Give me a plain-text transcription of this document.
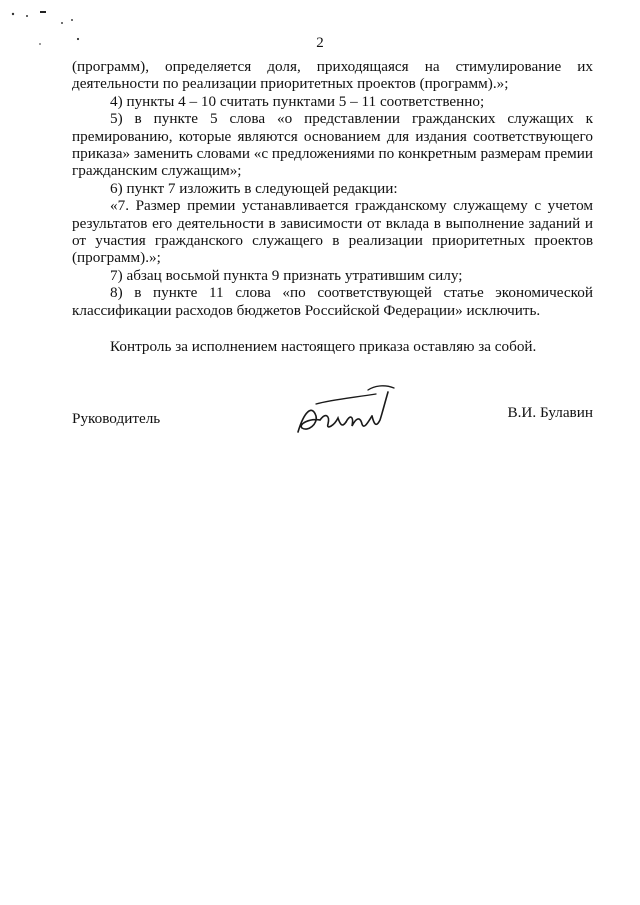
2

(программ), определяется доля, приходящаяся на стимулирование их деятельности по реализации приоритетных проектов (программ).»;

4) пункты 4 – 10 считать пунктами 5 – 11 соответственно;

5) в пункте 5 слова «о представлении гражданских служащих к премированию, которые являются основанием для издания соответствующего приказа» заменить словами «с предложениями по конкретным размерам премии гражданским служащим»;

6) пункт 7 изложить в следующей редакции:

«7. Размер премии устанавливается гражданскому служащему с учетом результатов его деятельности в зависимости от вклада в выполнение заданий и от участия гражданского служащего в реализации приоритетных проектов (программ).»;

7) абзац восьмой пункта 9 признать утратившим силу;

8) в пункте 11 слова «по соответствующей статье экономической классификации расходов бюджетов Российской Федерации» исключить.

Контроль за исполнением настоящего приказа оставляю за собой.
Руководитель	В.И. Булавин
